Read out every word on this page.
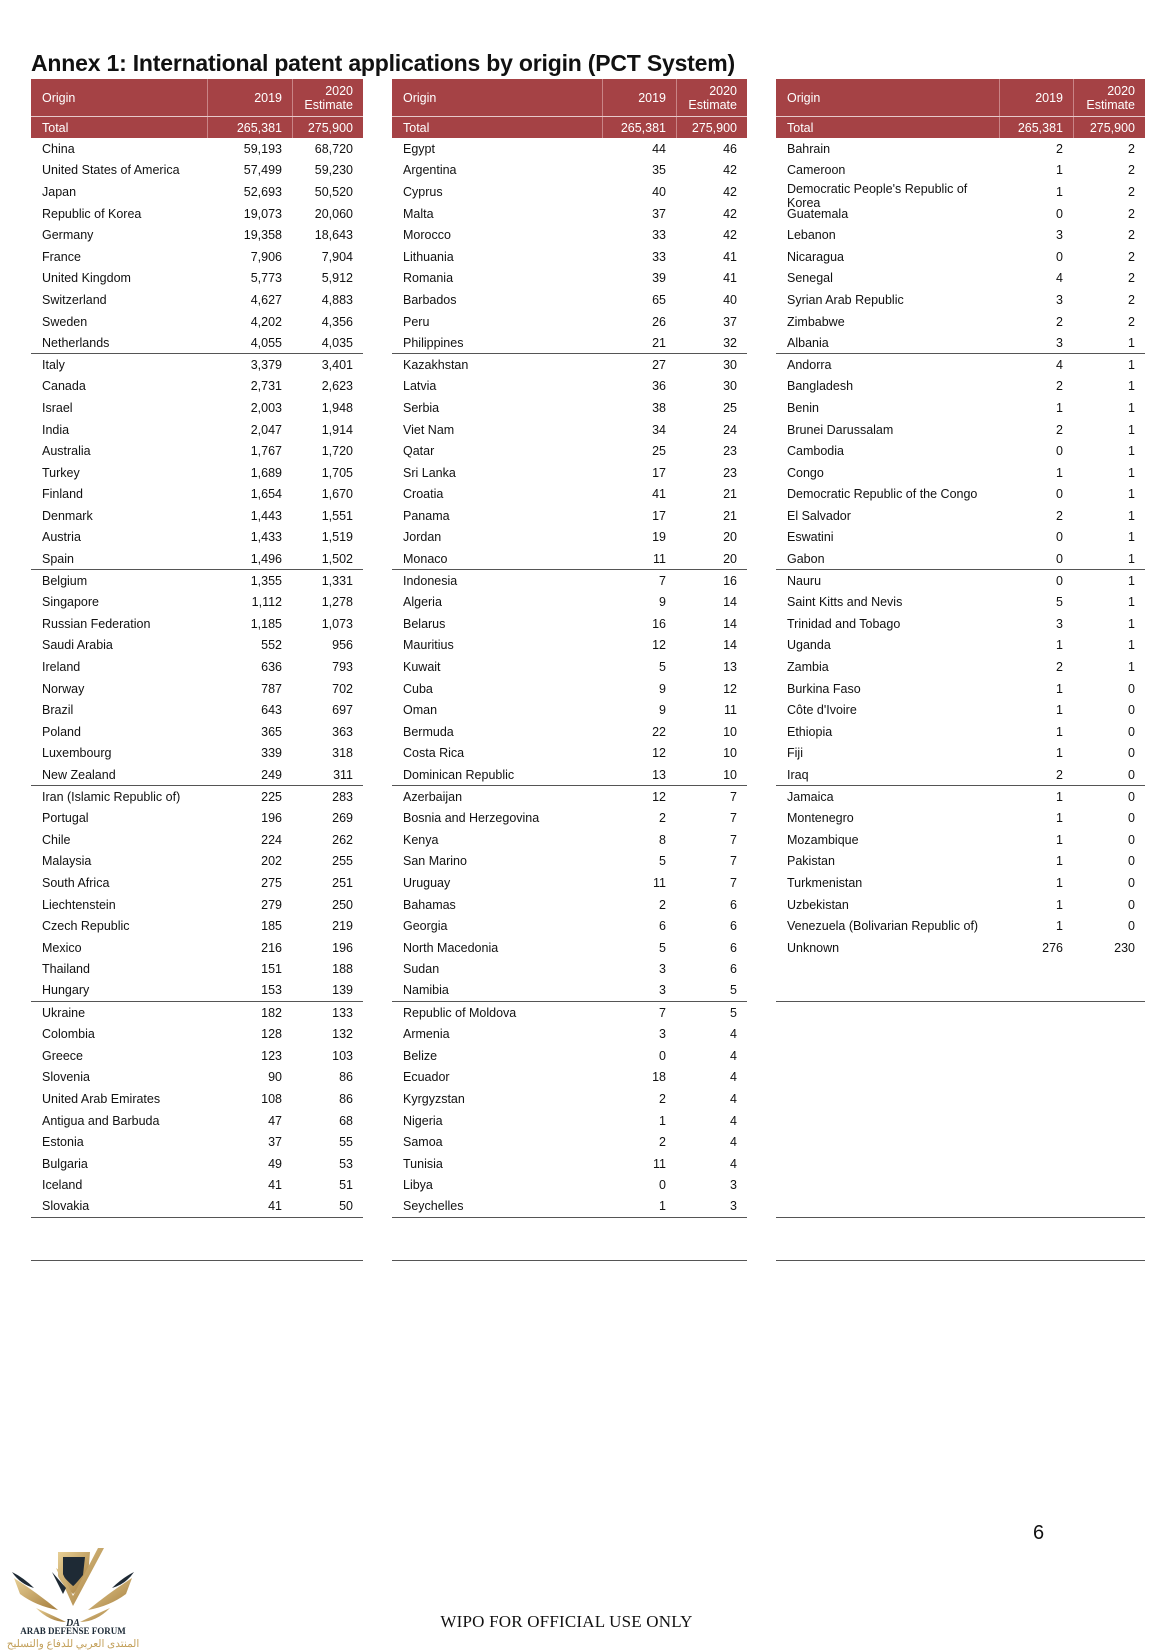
Annex 1: International patent applications by origin (PCT System)
Origin	2019	2020
Estimate
Total	265,381	275,900
China	59,193	68,720
United States of America	57,499	59,230
Japan	52,693	50,520
Republic of Korea	19,073	20,060
Germany	19,358	18,643
France	7,906	7,904
United Kingdom	5,773	5,912
Switzerland	4,627	4,883
Sweden	4,202	4,356
Netherlands	4,055	4,035
Italy	3,379	3,401
Canada	2,731	2,623
Israel	2,003	1,948
India	2,047	1,914
Australia	1,767	1,720
Turkey	1,689	1,705
Finland	1,654	1,670
Denmark	1,443	1,551
Austria	1,433	1,519
Spain	1,496	1,502
Belgium	1,355	1,331
Singapore	1,112	1,278
Russian Federation	1,185	1,073
Saudi Arabia	552	956
Ireland	636	793
Norway	787	702
Brazil	643	697
Poland	365	363
Luxembourg	339	318
New Zealand	249	311
Iran (Islamic Republic of)	225	283
Portugal	196	269
Chile	224	262
Malaysia	202	255
South Africa	275	251
Liechtenstein	279	250
Czech Republic	185	219
Mexico	216	196
Thailand	151	188
Hungary	153	139
Ukraine	182	133
Colombia	128	132
Greece	123	103
Slovenia	90	86
United Arab Emirates	108	86
Antigua and Barbuda	47	68
Estonia	37	55
Bulgaria	49	53
Iceland	41	51
Slovakia	41	50
Origin	2019	2020
Estimate
Total	265,381	275,900
Egypt	44	46
Argentina	35	42
Cyprus	40	42
Malta	37	42
Morocco	33	42
Lithuania	33	41
Romania	39	41
Barbados	65	40
Peru	26	37
Philippines	21	32
Kazakhstan	27	30
Latvia	36	30
Serbia	38	25
Viet Nam	34	24
Qatar	25	23
Sri Lanka	17	23
Croatia	41	21
Panama	17	21
Jordan	19	20
Monaco	11	20
Indonesia	7	16
Algeria	9	14
Belarus	16	14
Mauritius	12	14
Kuwait	5	13
Cuba	9	12
Oman	9	11
Bermuda	22	10
Costa Rica	12	10
Dominican Republic	13	10
Azerbaijan	12	7
Bosnia and Herzegovina	2	7
Kenya	8	7
San Marino	5	7
Uruguay	11	7
Bahamas	2	6
Georgia	6	6
North Macedonia	5	6
Sudan	3	6
Namibia	3	5
Republic of Moldova	7	5
Armenia	3	4
Belize	0	4
Ecuador	18	4
Kyrgyzstan	2	4
Nigeria	1	4
Samoa	2	4
Tunisia	11	4
Libya	0	3
Seychelles	1	3
Origin	2019	2020
Estimate
Total	265,381	275,900
Bahrain	2	2
Cameroon	1	2
Democratic People's Republic of Korea
1	2
Guatemala	0	2
Lebanon	3	2
Nicaragua	0	2
Senegal	4	2
Syrian Arab Republic	3	2
Zimbabwe	2	2
Albania	3	1
Andorra	4	1
Bangladesh	2	1
Benin	1	1
Brunei Darussalam	2	1
Cambodia	0	1
Congo	1	1
Democratic Republic of the Congo	0	1
El Salvador	2	1
Eswatini	0	1
Gabon	0	1
Nauru	0	1
Saint Kitts and Nevis	5	1
Trinidad and Tobago	3	1
Uganda	1	1
Zambia	2	1
Burkina Faso	1	0
Côte d'Ivoire	1	0
Ethiopia	1	0
Fiji	1	0
Iraq	2	0
Jamaica	1	0
Montenegro	1	0
Mozambique	1	0
Pakistan	1	0
Turkmenistan	1	0
Uzbekistan	1	0
Venezuela (Bolivarian Republic of)	1	0
Unknown	276	230
6
WIPO FOR OFFICIAL USE ONLY
DA
ARAB DEFENSE FORUM
المنتدى العربي للدفاع والتسليح
